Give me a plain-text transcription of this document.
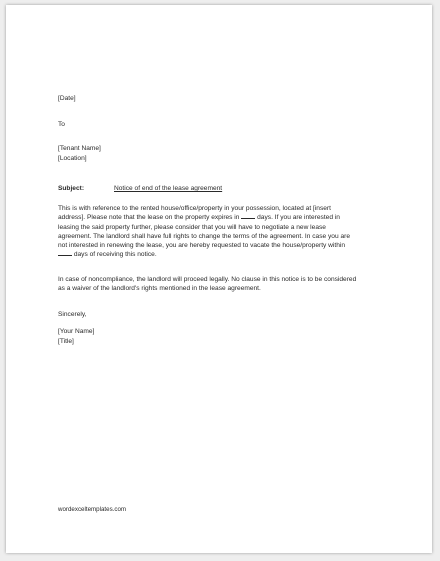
[Date]
To
[Tenant Name]
[Location]
Subject:	Notice of end of the lease agreement
This is with reference to the rented house/office/property in your possession, located at [insert
address]. Please note that the lease on the property expires in	days. If you are interested in
leasing the said property further, please consider that you will have to negotiate a new lease
agreement. The landlord shall have full rights to change the terms of the agreement. In case you are
not interested in renewing the lease, you are hereby requested to vacate the house/property within
days of receiving this notice.
In case of noncompliance, the landlord will proceed legally. No clause in this notice is to be considered
as a waiver of the landlord's rights mentioned in the lease agreement.
Sincerely,
[Your Name]
[Title]
wordexceltemplates.com
